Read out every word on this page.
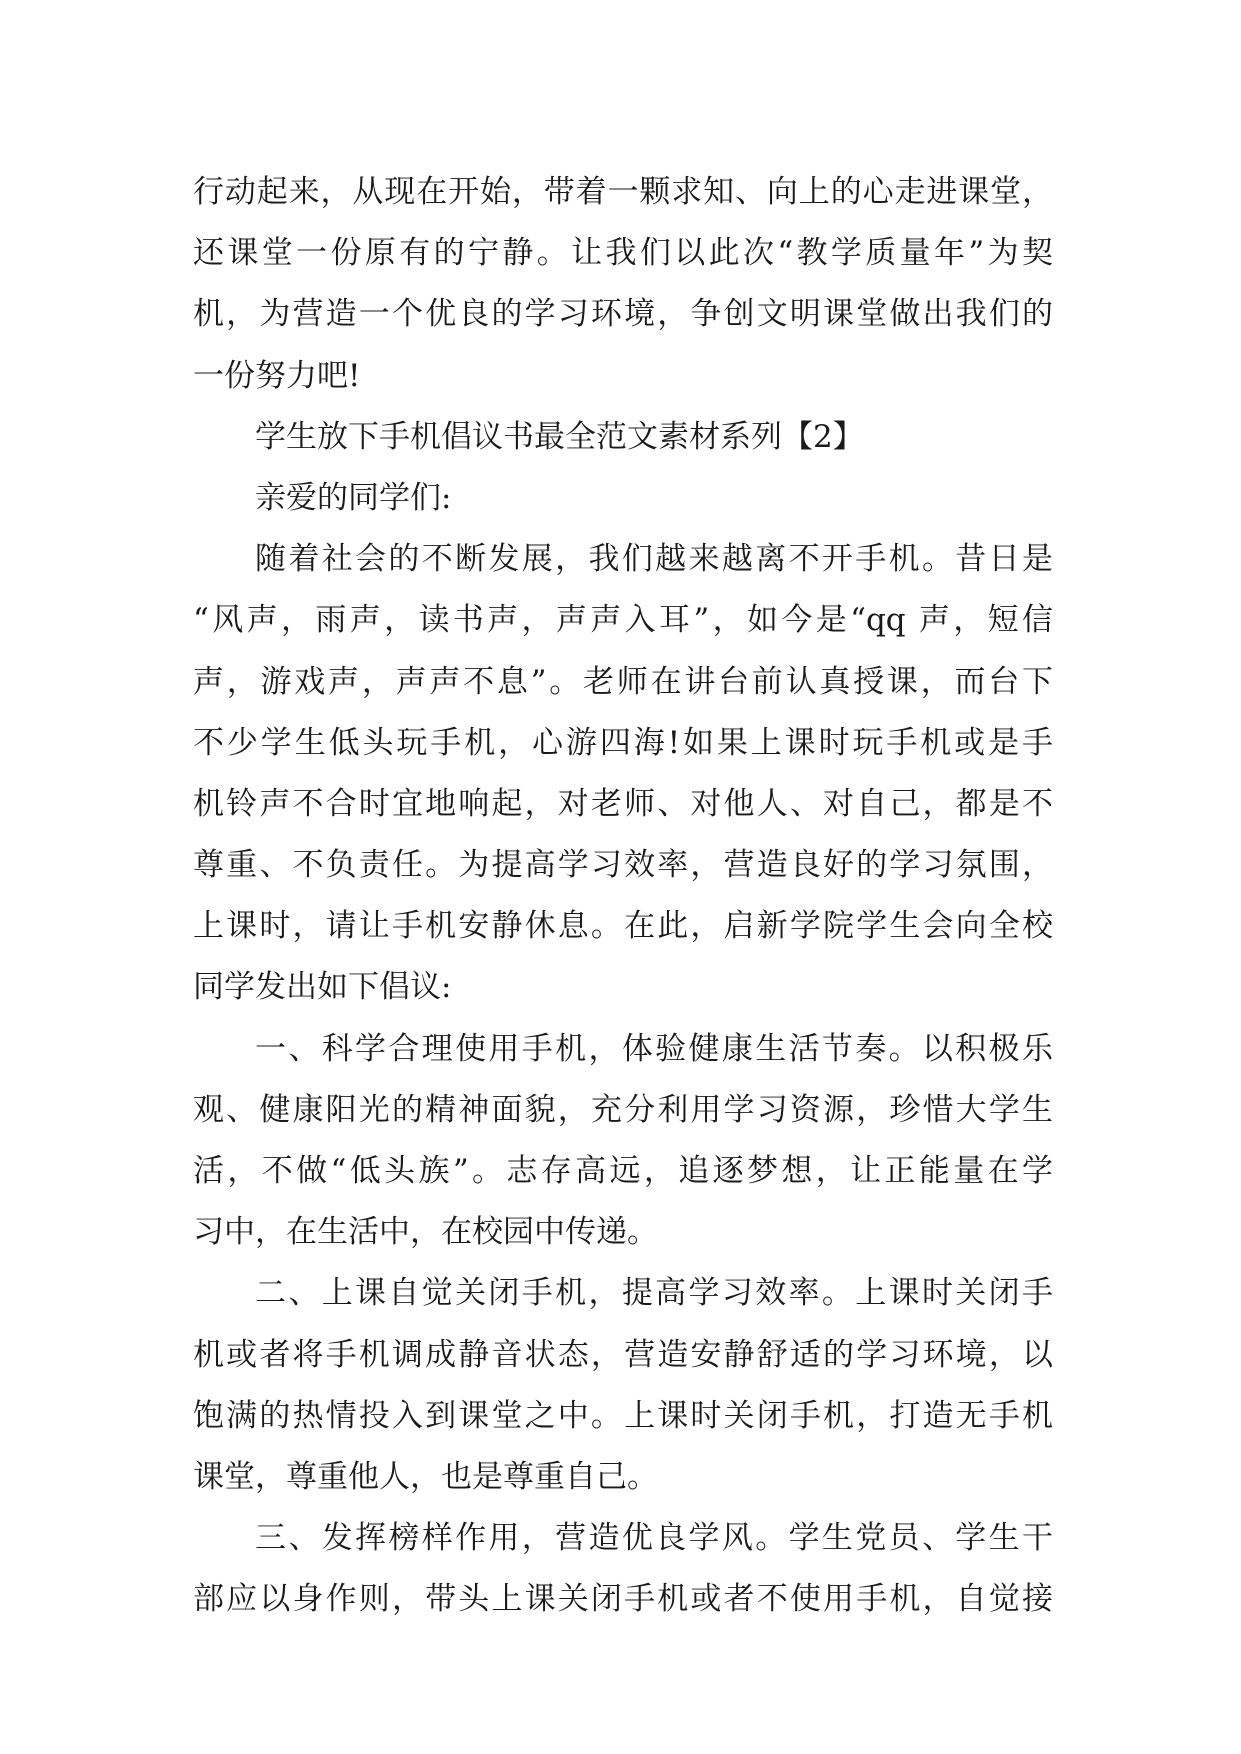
行动起来，从现在开始，带着一颗求知、向上的心走进课堂，
还课堂一份原有的宁静。让我们以此次“教学质量年”为契
机，为营造一个优良的学习环境，争创文明课堂做出我们的
一份努力吧!
学生放下手机倡议书最全范文素材系列【2】
亲爱的同学们:
随着社会的不断发展，我们越来越离不开手机。昔日是
“风声，雨声，读书声，声声入耳”，如今是“qq 声，短信
声，游戏声，声声不息”。老师在讲台前认真授课，而台下
不少学生低头玩手机，心游四海!如果上课时玩手机或是手
机铃声不合时宜地响起，对老师、对他人、对自己，都是不
尊重、不负责任。为提高学习效率，营造良好的学习氛围，
上课时，请让手机安静休息。在此，启新学院学生会向全校
同学发出如下倡议:
一、科学合理使用手机，体验健康生活节奏。以积极乐
观、健康阳光的精神面貌，充分利用学习资源，珍惜大学生
活，不做“低头族”。志存高远，追逐梦想，让正能量在学
习中，在生活中，在校园中传递。
二、上课自觉关闭手机，提高学习效率。上课时关闭手
机或者将手机调成静音状态，营造安静舒适的学习环境，以
饱满的热情投入到课堂之中。上课时关闭手机，打造无手机
课堂，尊重他人，也是尊重自己。
三、发挥榜样作用，营造优良学风。学生党员、学生干
部应以身作则，带头上课关闭手机或者不使用手机，自觉接
